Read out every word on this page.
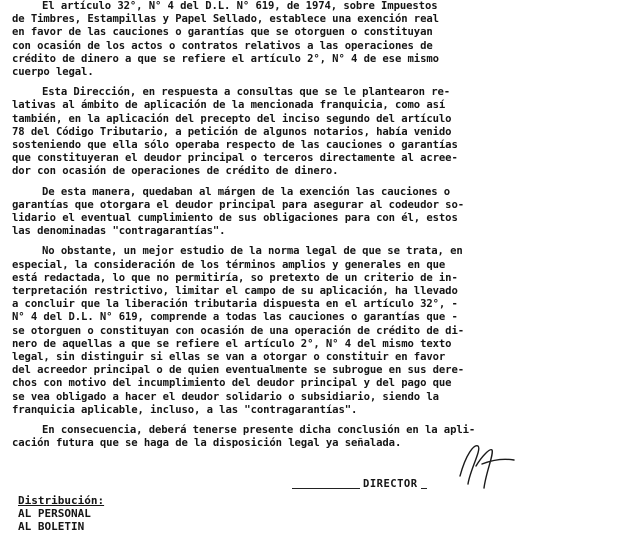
El artículo 32°, N° 4 del D.L. N° 619, de 1974, sobre Impuestos
de Timbres, Estampillas y Papel Sellado, establece una exención real
en favor de las cauciones o garantías que se otorguen o constituyan
con ocasión de los actos o contratos relativos a las operaciones de
crédito de dinero a que se refiere el artículo 2°, N° 4 de ese mismo
cuerpo legal.

Esta Dirección, en respuesta a consultas que se le plantearon re-
lativas al ámbito de aplicación de la mencionada franquicia, como así
también, en la aplicación del precepto del inciso segundo del artículo
78 del Código Tributario, a petición de algunos notarios, había venido
sosteniendo que ella sólo operaba respecto de las cauciones o garantías
que constituyeran el deudor principal o terceros directamente al acree-
dor con ocasión de operaciones de crédito de dinero.

De esta manera, quedaban al márgen de la exención las cauciones o
garantías que otorgara el deudor principal para asegurar al codeudor so-
lidario el eventual cumplimiento de sus obligaciones para con él, estos
las denominadas "contragarantías".

No obstante, un mejor estudio de la norma legal de que se trata, en
especial, la consideración de los términos amplios y generales en que
está redactada, lo que no permitiría, so pretexto de un criterio de in-
terpretación restrictivo, limitar el campo de su aplicación, ha llevado
a concluir que la liberación tributaria dispuesta en el artículo 32°, -
N° 4 del D.L. N° 619, comprende a todas las cauciones o garantías que -
se otorguen o constituyan con ocasión de una operación de crédito de di-
nero de aquellas a que se refiere el artículo 2°, N° 4 del mismo texto
legal, sin distinguir si ellas se van a otorgar o constituir en favor
del acreedor principal o de quien eventualmente se subrogue en sus dere-
chos con motivo del incumplimiento del deudor principal y del pago que
se vea obligado a hacer el deudor solidario o subsidiario, siendo la
franquicia aplicable, incluso, a las "contragarantías".

En consecuencia, deberá tenerse presente dicha conclusión en la apli-
cación futura que se haga de la disposición legal ya señalada.

DIRECTOR
Distribución:
AL PERSONAL
AL BOLETIN
